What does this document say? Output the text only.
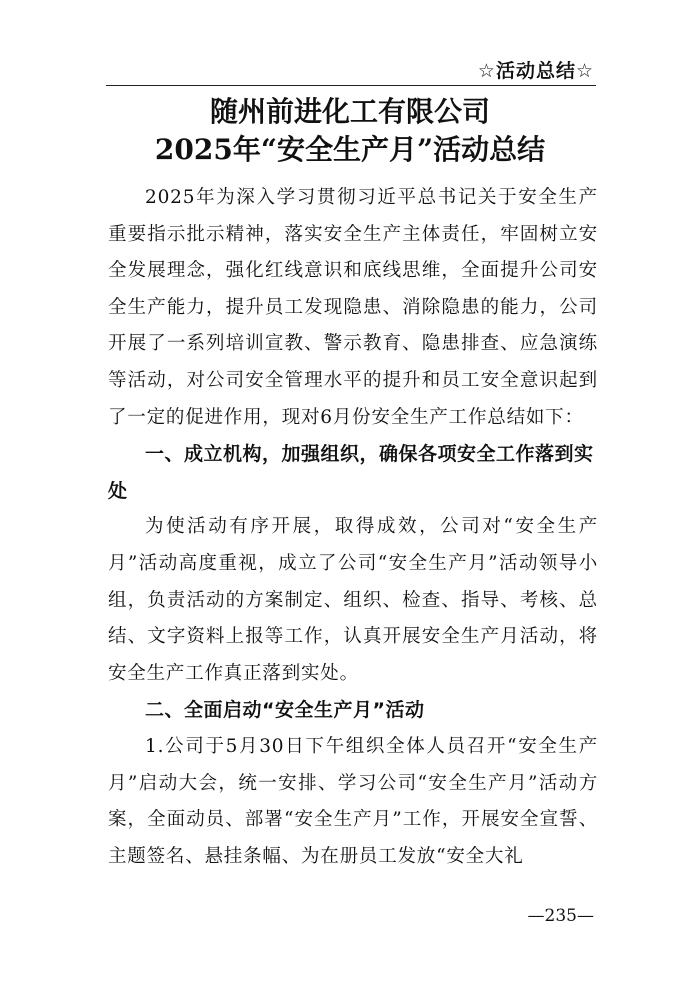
☆活动总结☆
随州前进化工有限公司
2025年“安全生产月”活动总结

2025年为深入学习贯彻习近平总书记关于安全生产重要指示批示精神，落实安全生产主体责任，牢固树立安全发展理念，强化红线意识和底线思维，全面提升公司安全生产能力，提升员工发现隐患、消除隐患的能力，公司开展了一系列培训宣教、警示教育、隐患排查、应急演练等活动，对公司安全管理水平的提升和员工安全意识起到了一定的促进作用，现对6月份安全生产工作总结如下：

一、成立机构，加强组织，确保各项安全工作落到实处

为使活动有序开展，取得成效，公司对“安全生产月”活动高度重视，成立了公司“安全生产月”活动领导小组，负责活动的方案制定、组织、检查、指导、考核、总结、文字资料上报等工作，认真开展安全生产月活动，将安全生产工作真正落到实处。

二、全面启动“安全生产月”活动

1.公司于5月30日下午组织全体人员召开“安全生产月”启动大会，统一安排、学习公司“安全生产月”活动方案，全面动员、部署“安全生产月”工作，开展安全宣誓、主题签名、悬挂条幅、为在册员工发放“安全大礼

—235—
